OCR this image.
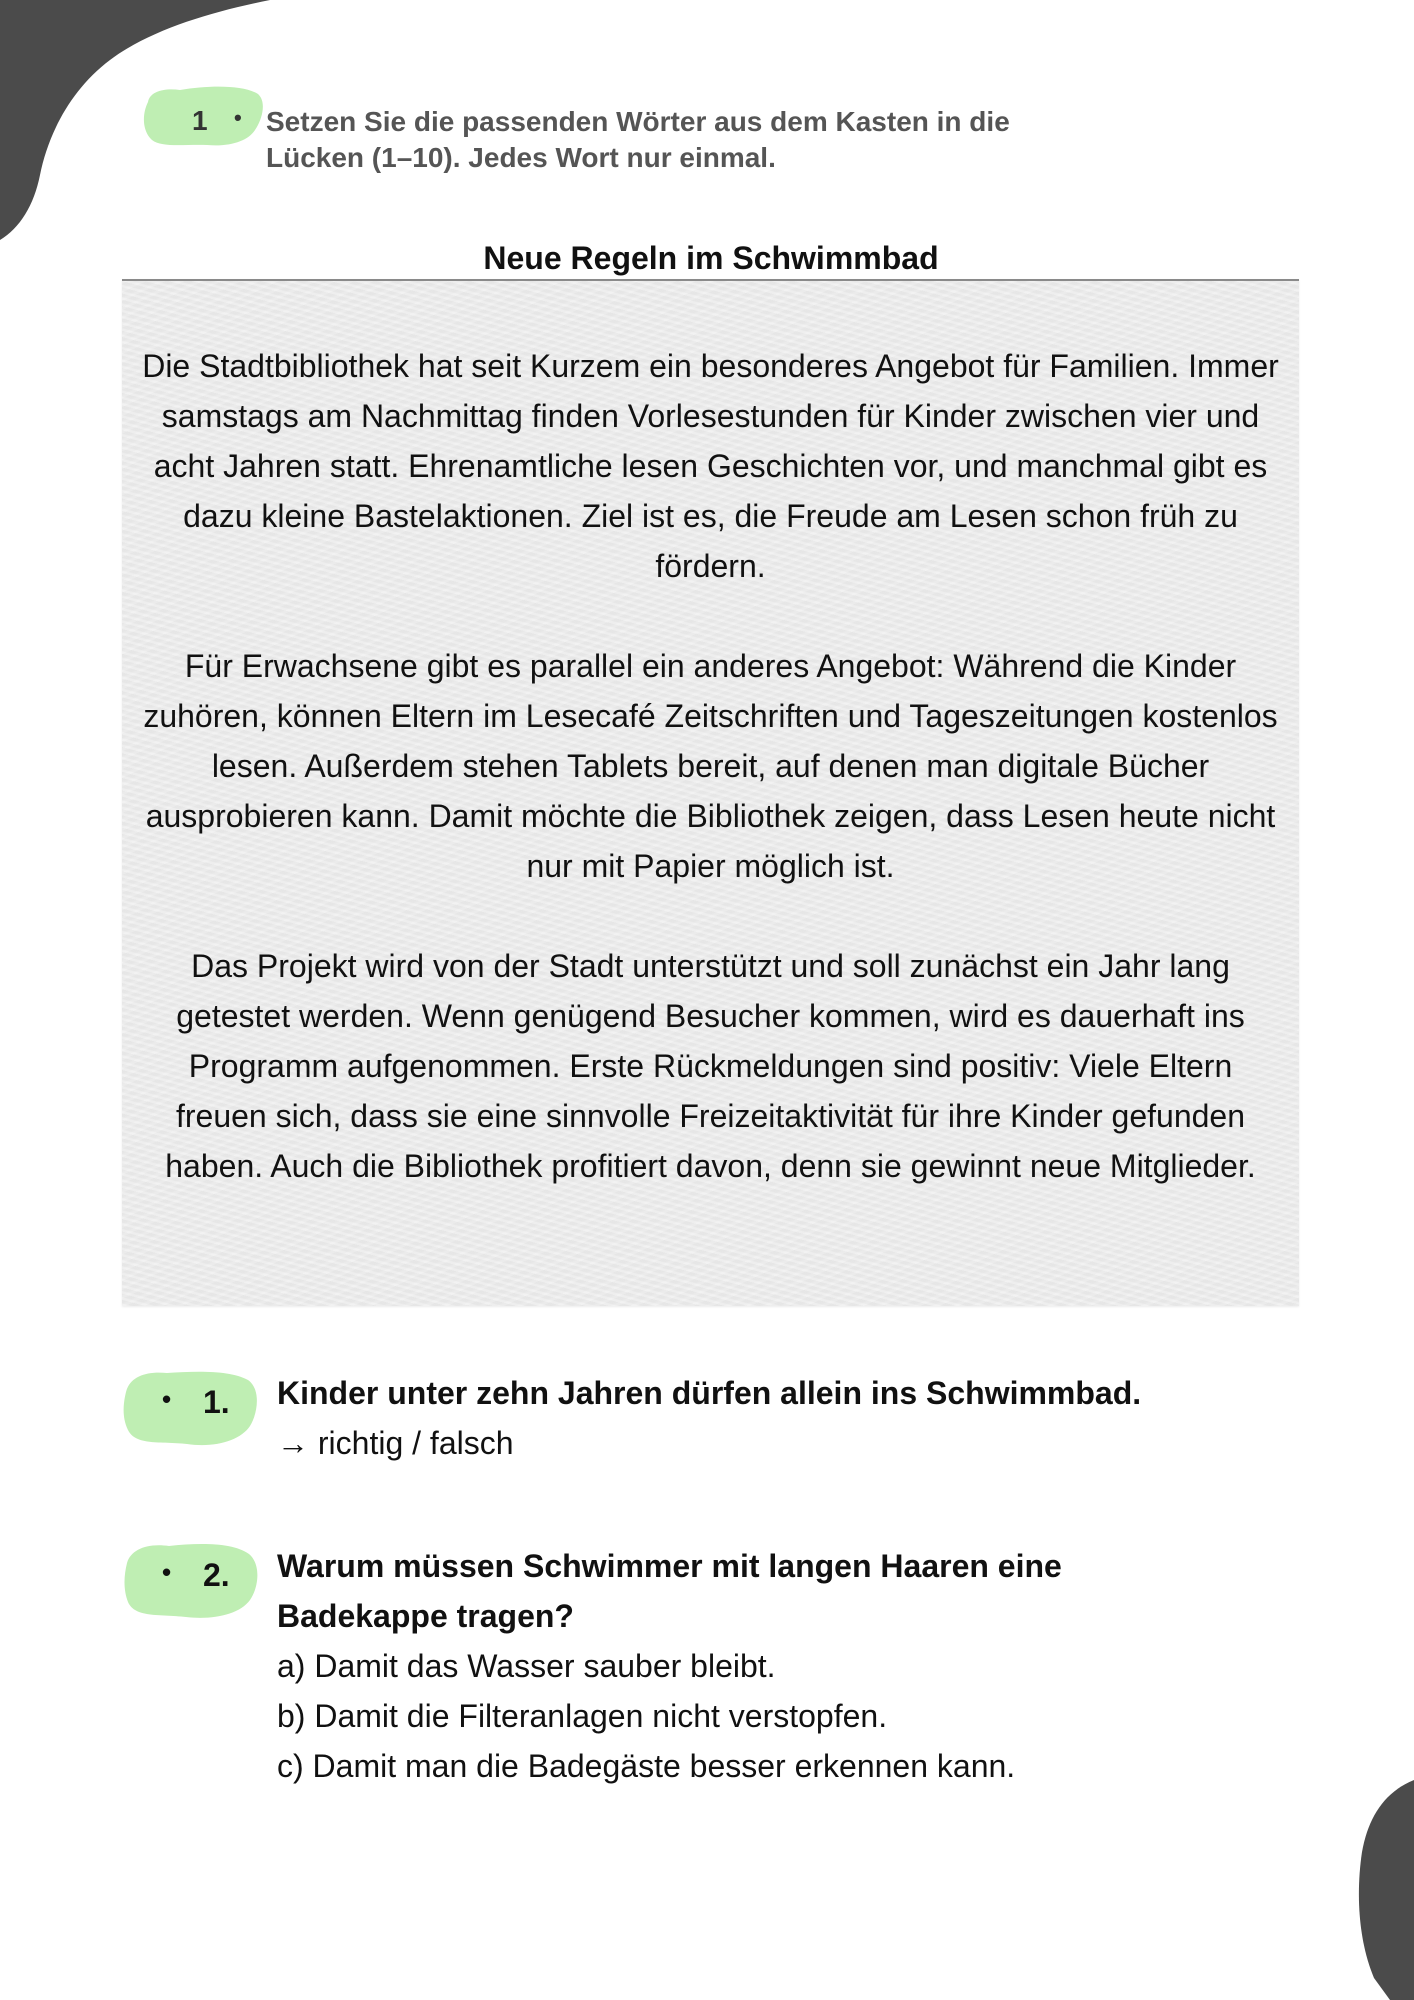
1 • Setzen Sie die passenden Wörter aus dem Kasten in die
Lücken (1–10). Jedes Wort nur einmal.
Neue Regeln im Schwimmbad

Die Stadtbibliothek hat seit Kurzem ein besonderes Angebot für Familien. Immer samstags am Nachmittag finden Vorlesestunden für Kinder zwischen vier und acht Jahren statt. Ehrenamtliche lesen Geschichten vor, und manchmal gibt es dazu kleine Bastelaktionen. Ziel ist es, die Freude am Lesen schon früh zu fördern.

Für Erwachsene gibt es parallel ein anderes Angebot: Während die Kinder zuhören, können Eltern im Lesecafé Zeitschriften und Tageszeitungen kostenlos lesen. Außerdem stehen Tablets bereit, auf denen man digitale Bücher ausprobieren kann. Damit möchte die Bibliothek zeigen, dass Lesen heute nicht nur mit Papier möglich ist.

Das Projekt wird von der Stadt unterstützt und soll zunächst ein Jahr lang getestet werden. Wenn genügend Besucher kommen, wird es dauerhaft ins Programm aufgenommen. Erste Rückmeldungen sind positiv: Viele Eltern freuen sich, dass sie eine sinnvolle Freizeitaktivität für ihre Kinder gefunden haben. Auch die Bibliothek profitiert davon, denn sie gewinnt neue Mitglieder.

• 1. Kinder unter zehn Jahren dürfen allein ins Schwimmbad.
→ richtig / falsch
• 2. Warum müssen Schwimmer mit langen Haaren eine
Badekappe tragen?
a) Damit das Wasser sauber bleibt.
b) Damit die Filteranlagen nicht verstopfen.
c) Damit man die Badegäste besser erkennen kann.
